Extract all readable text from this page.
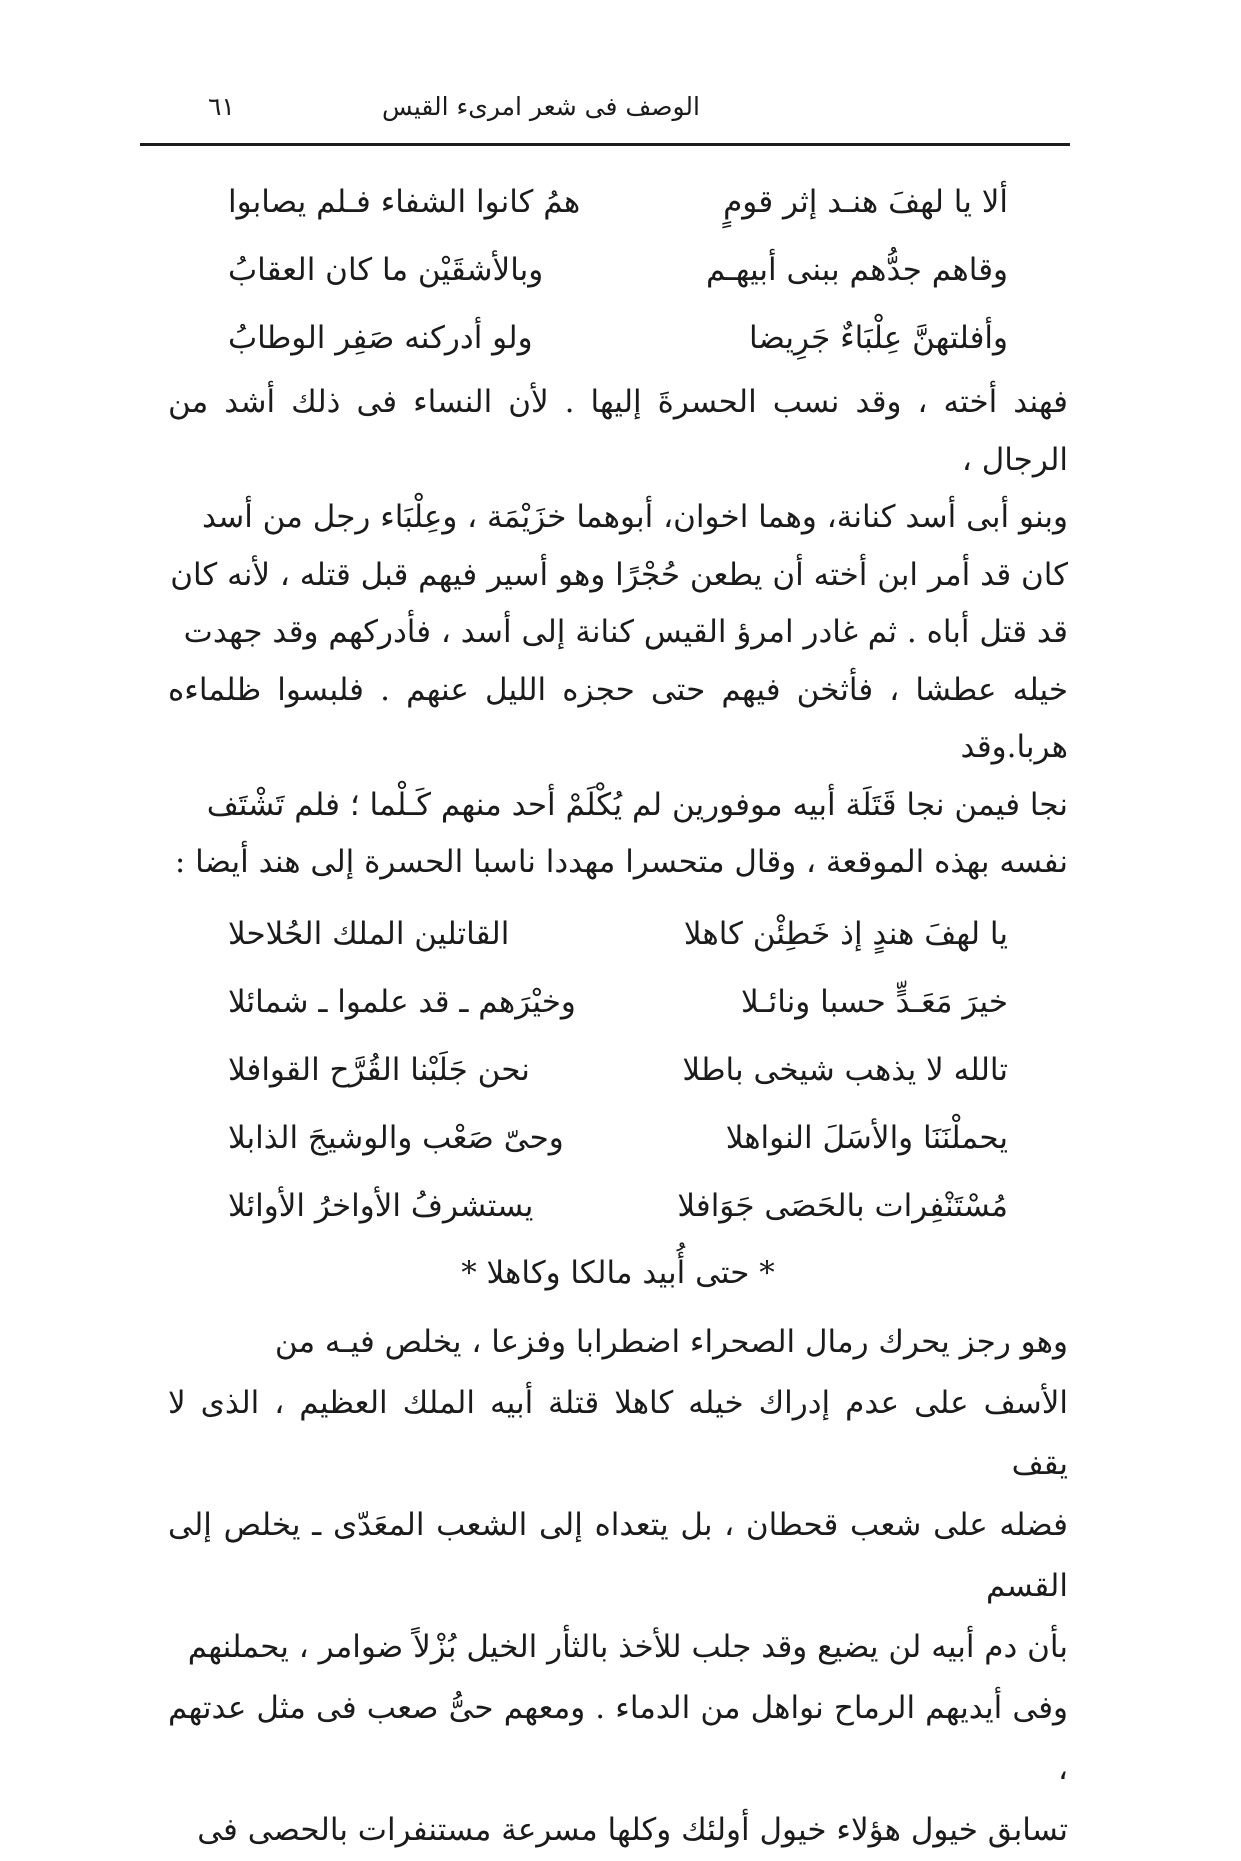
الوصف فى شعر امرىء القيس
٦١
ألا يا لهفَ هنـد إثر قومٍ
همُ كانوا الشفاء فـلم يصابوا
وقاهم جدُّهم ببنى أبيهـم
وبالأشقَيْن ما كان العقابُ
وأفلتهنَّ عِلْبَاءٌ جَرِيضا
ولو أدركنه صَفِر الوطابُ

فهند أخته ، وقد نسب الحسرةَ إليها . لأن النساء فى ذلك أشد من الرجال ،

وبنو أبى أسد كنانة، وهما اخوان، أبوهما خزَيْمَة ، وعِلْبَاء رجل من أسد

كان قد أمر ابن أخته أن يطعن حُجْرًا وهو أسير فيهم قبل قتله ، لأنه كان

قد قتل أباه . ثم غادر امرؤ القيس كنانة إلى أسد ، فأدركهم وقد جهدت

خيله عطشا ، فأثخن فيهم حتى حجزه الليل عنهم . فلبسوا ظلماءه هربا.وقد

نجا فيمن نجا قَتَلَة أبيه موفورين لم يُكْلَمْ أحد منهم كَـلْما ؛ فلم تَشْتَف

نفسه بهذه الموقعة ، وقال متحسرا مهددا ناسبا الحسرة إلى هند أيضا :

يا لهفَ هندٍ إذ خَطِئْن كاهلا
القاتلين الملك الحُلاحلا
خيرَ مَعَـدٍّ حسبا ونائـلا
وخيْرَهم ـ قد علموا ـ شمائلا
تالله لا يذهب شيخى باطلا
نحن جَلَبْنا القُرَّح القوافلا
يحملْنَنَا والأسَلَ النواهلا
وحىّ صَعْب والوشيجَ الذابلا
مُسْتَنْفِرات بالحَصَى جَوَافلا
يستشرفُ الأواخرُ الأوائلا
* حتى أُبيد مالكا وكاهلا *

وهو رجز يحرك رمال الصحراء اضطرابا وفزعا ، يخلص فيـه من

الأسف على عدم إدراك خيله كاهلا قتلة أبيه الملك العظيم ، الذى لا يقف

فضله على شعب قحطان ، بل يتعداه إلى الشعب المعَدّى ـ يخلص إلى القسم

بأن دم أبيه لن يضيع وقد جلب للأخذ بالثأر الخيل بُزْلاً ضوامر ، يحملنهم

وفى أيديهم الرماح نواهل من الدماء . ومعهم حىُّ صعب فى مثل عدتهم ،

تسابق خيول هؤلاء خيول أولئك وكلها مسرعة مستنفرات بالحصى فى
